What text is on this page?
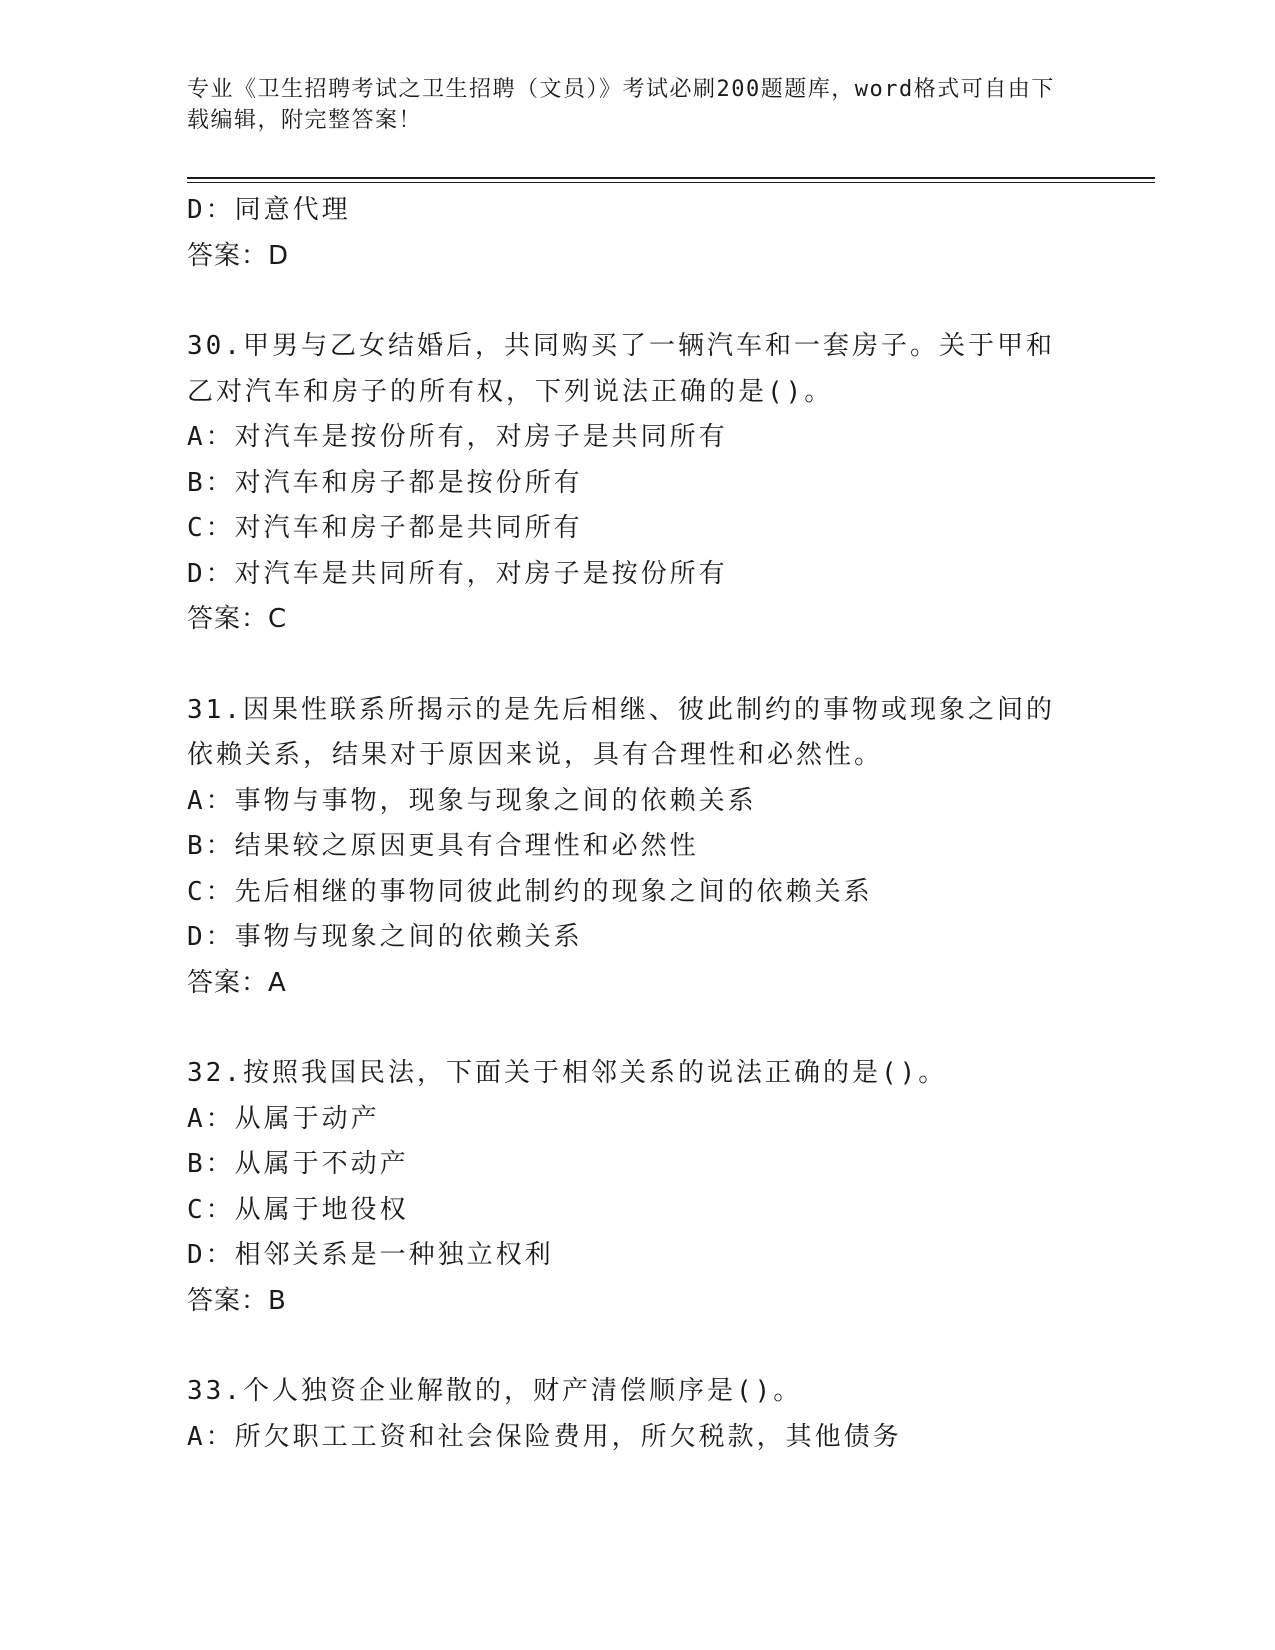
专业《卫生招聘考试之卫生招聘（文员）》考试必刷200题题库，word格式可自由下载编辑，附完整答案！
D：同意代理
答案：D
30.甲男与乙女结婚后，共同购买了一辆汽车和一套房子。关于甲和乙对汽车和房子的所有权，下列说法正确的是()。
A：对汽车是按份所有，对房子是共同所有
B：对汽车和房子都是按份所有
C：对汽车和房子都是共同所有
D：对汽车是共同所有，对房子是按份所有
答案：C
31.因果性联系所揭示的是先后相继、彼此制约的事物或现象之间的依赖关系，结果对于原因来说，具有合理性和必然性。
A：事物与事物，现象与现象之间的依赖关系
B：结果较之原因更具有合理性和必然性
C：先后相继的事物同彼此制约的现象之间的依赖关系
D：事物与现象之间的依赖关系
答案：A
32.按照我国民法，下面关于相邻关系的说法正确的是()。
A：从属于动产
B：从属于不动产
C：从属于地役权
D：相邻关系是一种独立权利
答案：B
33.个人独资企业解散的，财产清偿顺序是()。
A：所欠职工工资和社会保险费用，所欠税款，其他债务
